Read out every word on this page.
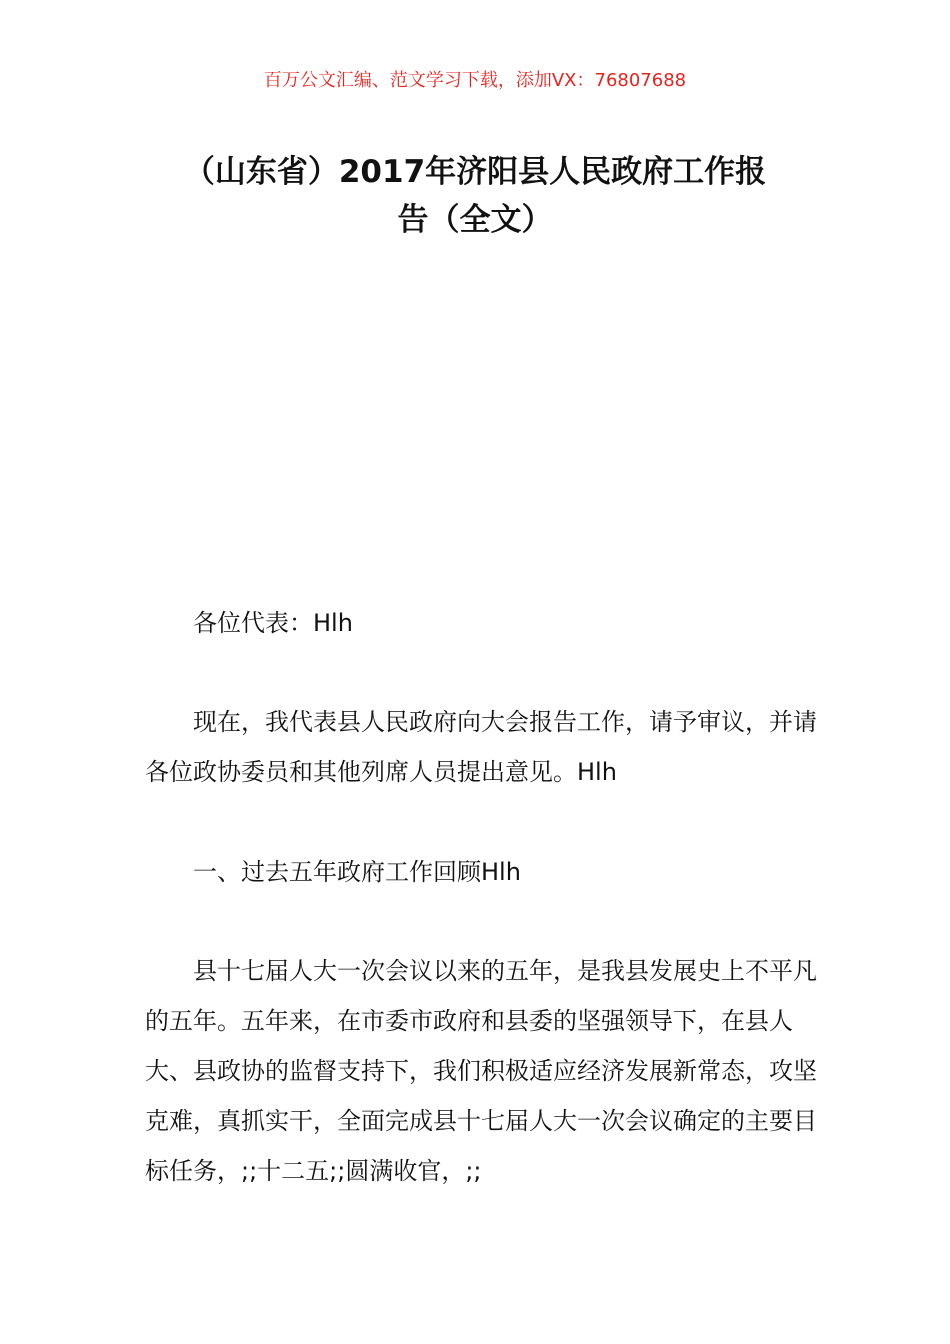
百万公文汇编、范文学习下载，添加VX：76807688
（山东省）2017年济阳县人民政府工作报
告（全文）

各位代表：Hlh

现在，我代表县人民政府向大会报告工作，请予审议，并请各位政协委员和其他列席人员提出意见。Hlh

一、过去五年政府工作回顾Hlh

县十七届人大一次会议以来的五年，是我县发展史上不平凡的五年。五年来，在市委市政府和县委的坚强领导下，在县人大、县政协的监督支持下，我们积极适应经济发展新常态，攻坚克难，真抓实干，全面完成县十七届人大一次会议确定的主要目标任务，;;十二五;;圆满收官，;;
